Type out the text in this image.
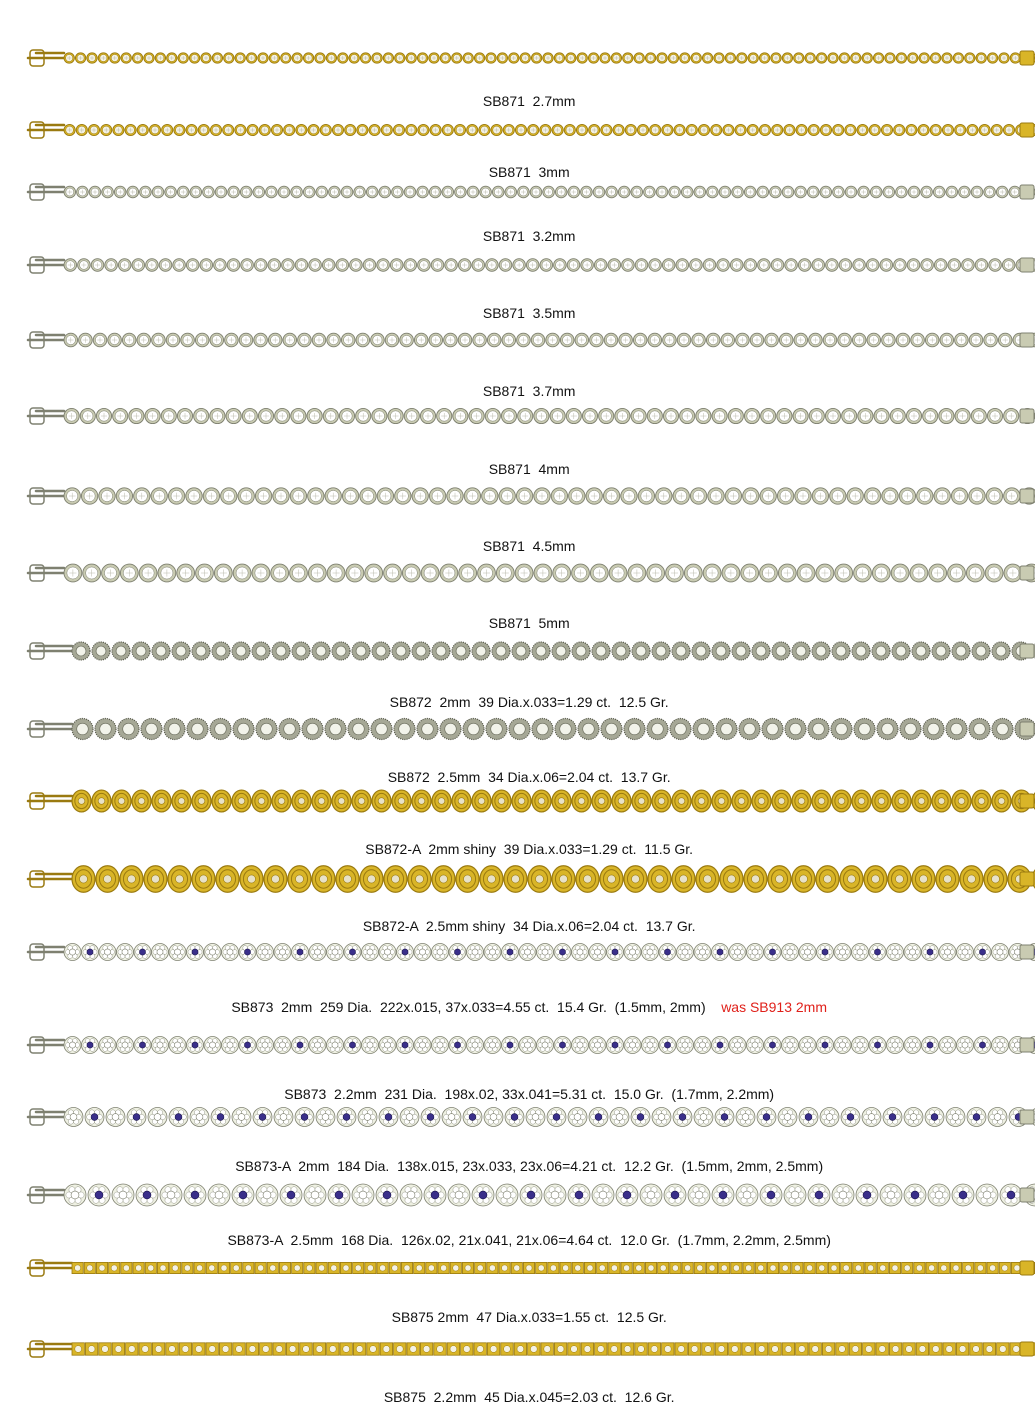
SB871  2.7mm

SB871  3mm

SB871  3.2mm

SB871  3.5mm

SB871  3.7mm

SB871  4mm

SB871  4.5mm

SB871  5mm

SB872  2mm  39 Dia.x.033=1.29 ct.  12.5 Gr.

SB872  2.5mm  34 Dia.x.06=2.04 ct.  13.7 Gr.

SB872-A  2mm shiny  39 Dia.x.033=1.29 ct.  11.5 Gr.

SB872-A  2.5mm shiny  34 Dia.x.06=2.04 ct.  13.7 Gr.

SB873  2mm  259 Dia.  222x.015, 37x.033=4.55 ct.  15.4 Gr.  (1.5mm, 2mm) was SB913 2mm

SB873  2.2mm  231 Dia.  198x.02, 33x.041=5.31 ct.  15.0 Gr.  (1.7mm, 2.2mm)

SB873-A  2mm  184 Dia.  138x.015, 23x.033, 23x.06=4.21 ct.  12.2 Gr.  (1.5mm, 2mm, 2.5mm)

SB873-A  2.5mm  168 Dia.  126x.02, 21x.041, 21x.06=4.64 ct.  12.0 Gr.  (1.7mm, 2.2mm, 2.5mm)

SB875 2mm  47 Dia.x.033=1.55 ct.  12.5 Gr.

SB875  2.2mm  45 Dia.x.045=2.03 ct.  12.6 Gr.
